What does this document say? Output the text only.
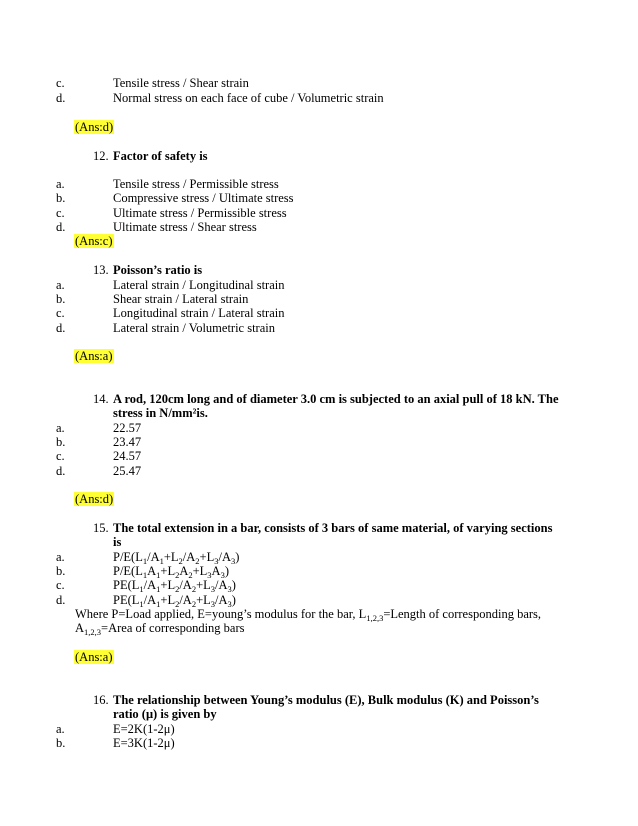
c.	Tensile stress / Shear strain
d.	Normal stress on each face of cube / Volumetric strain
(Ans:d)
12. Factor of safety is
a.	Tensile stress / Permissible stress
b.	Compressive stress / Ultimate stress
c.	Ultimate stress / Permissible stress
d.	Ultimate stress / Shear stress
(Ans:c)
13. Poisson’s ratio is
a.	Lateral strain / Longitudinal strain
b.	Shear strain / Lateral strain
c.	Longitudinal strain / Lateral strain
d.	Lateral strain / Volumetric strain
(Ans:a)
14. A rod, 120cm long and of diameter 3.0 cm is subjected to an axial pull of 18 kN. The
stress in N/mm²is.
a.	22.57
b.	23.47
c.	24.57
d.	25.47
(Ans:d)
15. The total extension in a bar, consists of 3 bars of same material, of varying sections
is
a.	$P/E(L_1/A_1+L_2/A_2+L_3/A_3)$
b.	$P/E(L_1A_1+L_2A_2+L_3A_3)$
c.	$PE(L_1/A_1+L_2/A_2+L_3/A_3)$
d.	$PE(L_1/A_1+L_2/A_2+L_3/A_3)$
Where P=Load applied, E=young’s modulus for the bar, $L_{1,2,3}=Length$ of corresponding bars,
$A_{1,2,3}=Area$ of corresponding bars
(Ans:a)
16. The relationship between Young’s modulus (E), Bulk modulus (K) and Poisson’s
ratio (μ) is given by
a.	E=2K(1-2μ)
b.	E=3K(1-2μ)
